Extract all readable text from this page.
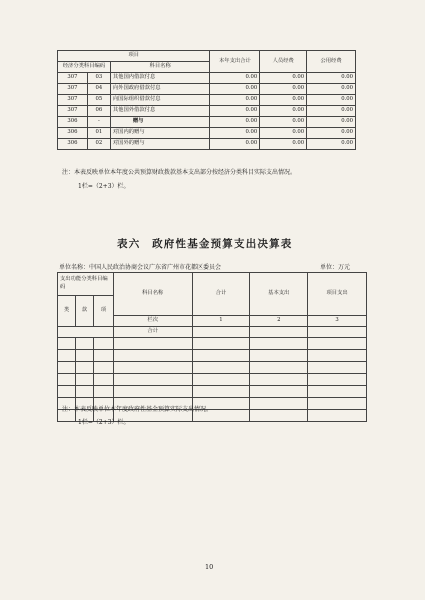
项目			本年支出合计	人员经费	公用经费
经济分类科目编码		科目名称			
307	03	其他国内借款付息	0.00	0.00	0.00
307	04	向外国政府借款付息	0.00	0.00	0.00
307	05	向国际组织借款付息	0.00	0.00	0.00
307	06	其他国外借款付息	0.00	0.00	0.00
306	-	赠与	0.00	0.00	0.00
306	01	对国内的赠与	0.00	0.00	0.00
306	02	对国外的赠与	0.00	0.00	0.00
注：本表反映单位本年度公共预算财政拨款基本支出部分按经济分类科目实际支出情况。
1栏=（2+3）栏。
表六　政府性基金预算支出决算表
单位名称：中国人民政治协商会议广东省广州市花都区委员会	单位：万元
支出功能分类科目编码			科目名称	合计	基本支出	项目支出
类	款	项				
			栏次	1	2	3
			合计			

注：本表反映单位本年度政府性基金预算实际支出情况。
1栏=（2+3）栏。
10
